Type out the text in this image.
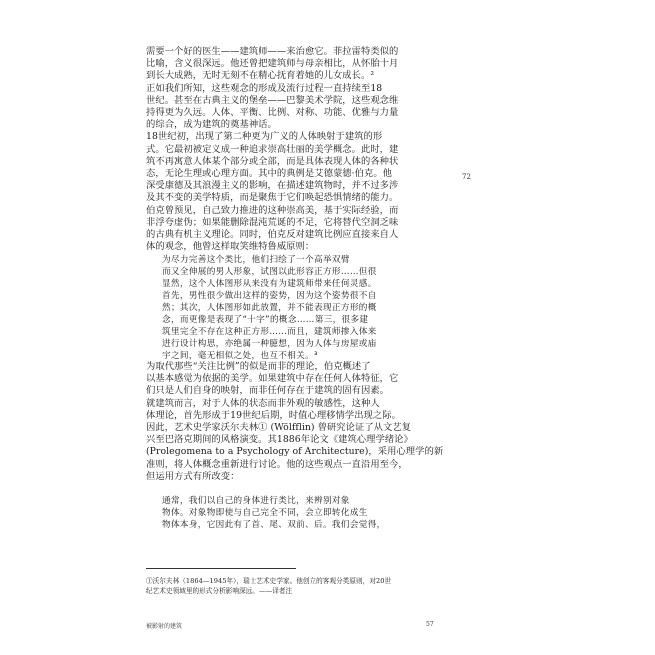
需要一个好的医生——建筑师——来治愈它。菲拉雷特类似的
比喻，含义很深远。他还曾把建筑师与母亲相比，从怀胎十月
到长大成熟，无时无刻不在精心抚育着她的儿女成长。²
正如我们所知，这些观念的形成及流行过程一直持续至18
世纪。甚至在古典主义的堡垒——巴黎美术学院，这些观念维
持得更为久远。人体、平衡、比例、对称、功能、优雅与力量
的综合，成为建筑的奠基神话。
18世纪初，出现了第二种更为广义的人体映射于建筑的形
式。它最初被定义成一种追求崇高壮丽的美学概念。此时，建
筑不再寓意人体某个部分或全部，而是具体表现人体的各种状
态，无论生理或心理方面。其中的典例是艾德蒙德·伯克。他
深受康德及其浪漫主义的影响，在描述建筑物时，并不过多涉
及其不变的美学特质，而是聚焦于它们唤起恐惧情绪的能力。
伯克曾预见，自己致力推进的这种崇高美，基于实际经验，而
非浮夸虚伪；如果能删除混沌荒诞的不足，它将替代空洞乏味
的古典有机主义理论。同时，伯克反对建筑比例应直接来自人
体的观念，他曾这样取笑维特鲁威原则：
为尽力完善这个类比，他们扫绘了一个高举双臂
而又全伸展的男人形象，试图以此形容正方形……但很
显然，这个人体图形从来没有为建筑师带来任何灵感。
首先，男性很少做出这样的姿势，因为这个姿势很不自
然；其次，人体图形如此放置，并不能表现正方形的概
念，而更像是表现了“十字”的概念……第三，很多建
筑里完全不存在这种正方形……而且，建筑师掺入体来
进行设计构思，亦绝属一种臆想，因为人体与房屋或庙
宇之间，毫无相似之处，也互不相关。³
为取代那些“关注比例”的似是而非的理论，伯克概述了
以基本感觉为依据的美学。如果建筑中存在任何人体特征，它
们只是人们自身的映射，而非任何存在于建筑的固有因素。
就建筑而言，对于人体的状态而非外观的敏感性，这种人
体理论，首先形成于19世纪后期，时值心理移情学出现之际。
因此，艺术史学家沃尔夫林① (Wölfflin) 曾研究论证了从文艺复
兴至巴洛克期间的风格演变。其1886年论文《建筑心理学绪论》
(Prolegomena to a Psychology of Architecture)，采用心理学的新
准则，将人体概念重新进行讨论。他的这些观点一直沿用至今，
但运用方式有所改变：
通常，我们以自己的身体进行类比，来辨别对象
物体。对象物即使与自己完全不同，会立即转化成生
物体本身，它因此有了首、尾、双前、后。我们会觉得，
72
①沃尔夫林（1864—1945年），瑞士艺术史学家。他创立的客观分类原则，对20世
纪艺术史领域里的形式分析影响深远。——译者注
被影射的建筑	57
